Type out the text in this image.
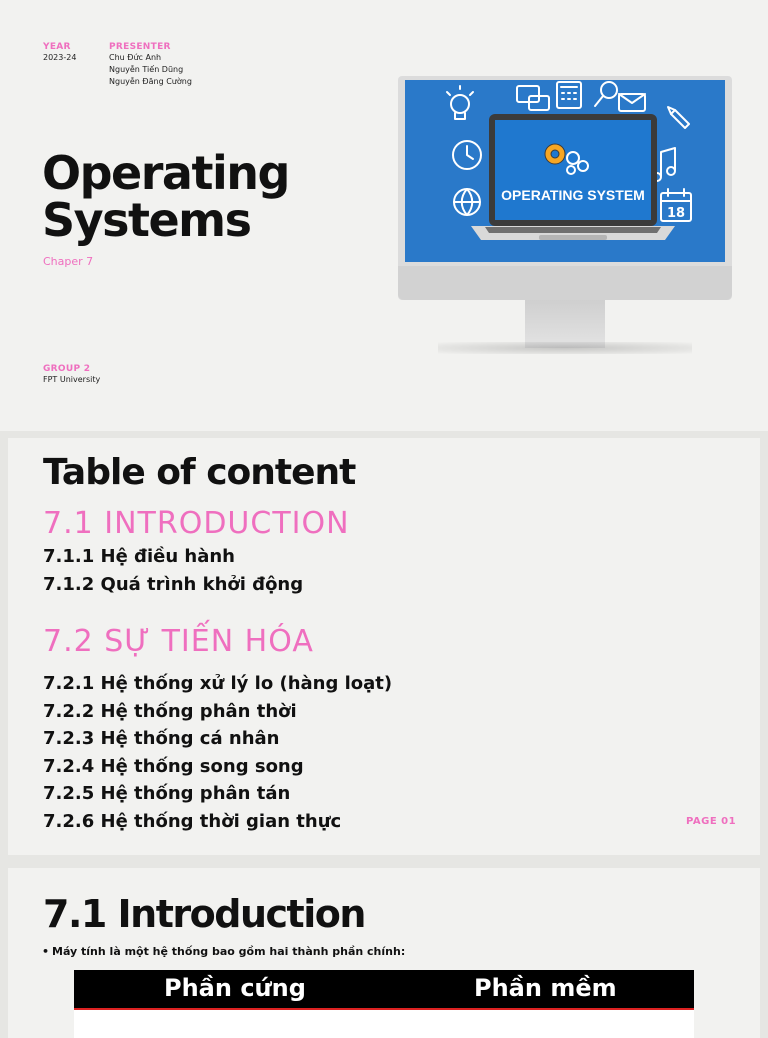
YEAR
2023-24
PRESENTER
Chu Đức Anh
Nguyễn Tiến Dũng
Nguyễn Đăng Cường
Operating
Systems
Chaper 7
GROUP 2
FPT University
18
OPERATING SYSTEM
Table of content
7.1 INTRODUCTION
7.1.1 Hệ điều hành
7.1.2 Quá trình khởi động
7.2 SỰ TIẾN HÓA
7.2.1 Hệ thống xử lý lo (hàng loạt)
7.2.2 Hệ thống phân thời
7.2.3 Hệ thống cá nhân
7.2.4 Hệ thống song song
7.2.5 Hệ thống phân tán
7.2.6 Hệ thống thời gian thực	PAGE 01
7.1 Introduction
• Máy tính là một hệ thống bao gồm hai thành phần chính:
Phần cứng	Phần mềm
